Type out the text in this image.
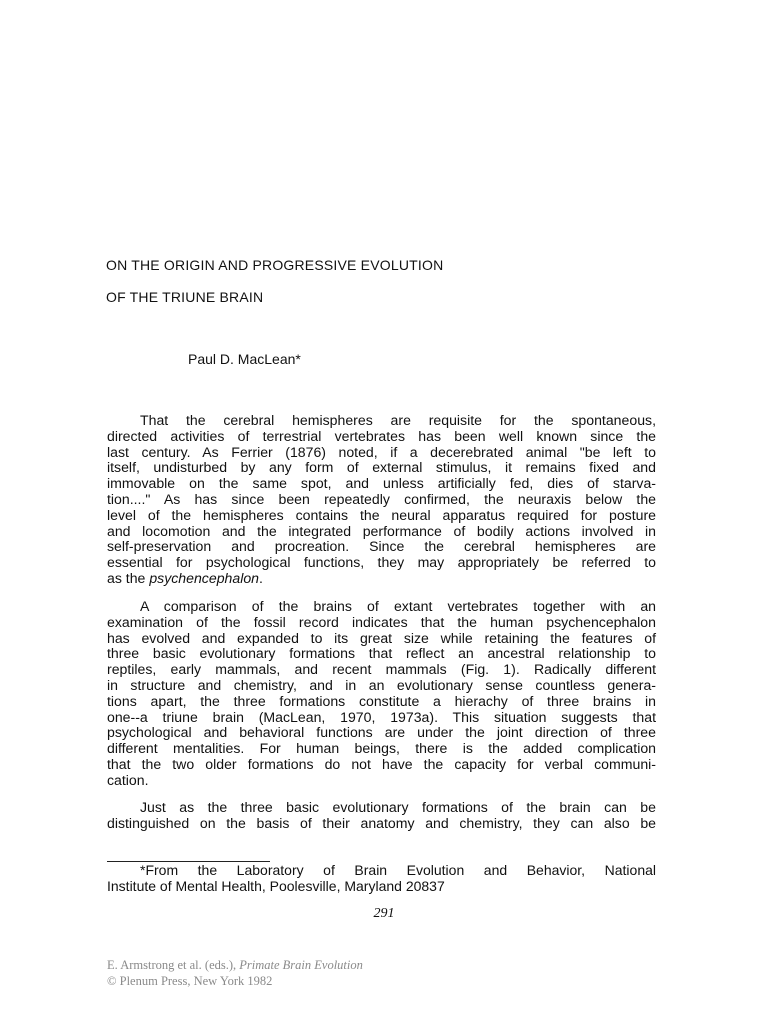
ON THE ORIGIN AND PROGRESSIVE EVOLUTION
OF THE TRIUNE BRAIN

Paul D. MacLean*

That the cerebral hemispheres are requisite for the spontaneous,
directed activities of terrestrial vertebrates has been well known since the
last century. As Ferrier (1876) noted, if a decerebrated animal "be left to
itself, undisturbed by any form of external stimulus, it remains fixed and
immovable on the same spot, and unless artificially fed, dies of starva-
tion...." As has since been repeatedly confirmed, the neuraxis below the
level of the hemispheres contains the neural apparatus required for posture
and locomotion and the integrated performance of bodily actions involved in
self-preservation and procreation. Since the cerebral hemispheres are
essential for psychological functions, they may appropriately be referred to
as the psychencephalon.

A comparison of the brains of extant vertebrates together with an
examination of the fossil record indicates that the human psychencephalon
has evolved and expanded to its great size while retaining the features of
three basic evolutionary formations that reflect an ancestral relationship to
reptiles, early mammals, and recent mammals (Fig. 1). Radically different
in structure and chemistry, and in an evolutionary sense countless genera-
tions apart, the three formations constitute a hierachy of three brains in
one--a triune brain (MacLean, 1970, 1973a). This situation suggests that
psychological and behavioral functions are under the joint direction of three
different mentalities. For human beings, there is the added complication
that the two older formations do not have the capacity for verbal communi-
cation.

Just as the three basic evolutionary formations of the brain can be
distinguished on the basis of their anatomy and chemistry, they can also be

*From the Laboratory of Brain Evolution and Behavior, National
Institute of Mental Health, Poolesville, Maryland 20837

291

E. Armstrong et al. (eds.), Primate Brain Evolution
© Plenum Press, New York 1982
